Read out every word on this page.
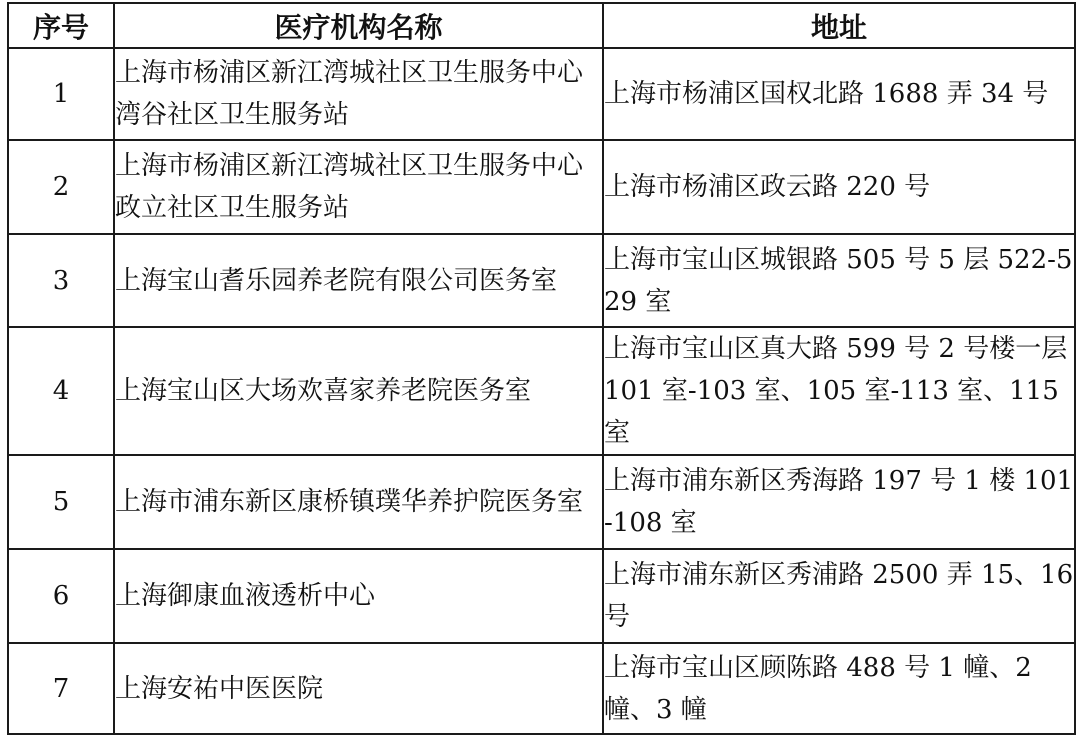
序号	医疗机构名称	地址
1	上海市杨浦区新江湾城社区卫生服务中心湾谷社区卫生服务站	上海市杨浦区国权北路 1688 弄 34 号

2	上海市杨浦区新江湾城社区卫生服务中心政立社区卫生服务站	上海市杨浦区政云路 220 号

3	上海宝山耆乐园养老院有限公司医务室	上海市宝山区城银路 505 号 5 层 522-529 室

4	上海宝山区大场欢喜家养老院医务室	上海市宝山区真大路 599 号 2 号楼一层 101 室-103 室、105 室-113 室、115 室

5	上海市浦东新区康桥镇璞华养护院医务室	上海市浦东新区秀海路 197 号 1 楼 101-108 室

6	上海御康血液透析中心	上海市浦东新区秀浦路 2500 弄 15、16 号

7	上海安祐中医医院	上海市宝山区顾陈路 488 号 1 幢、2 幢、3 幢
